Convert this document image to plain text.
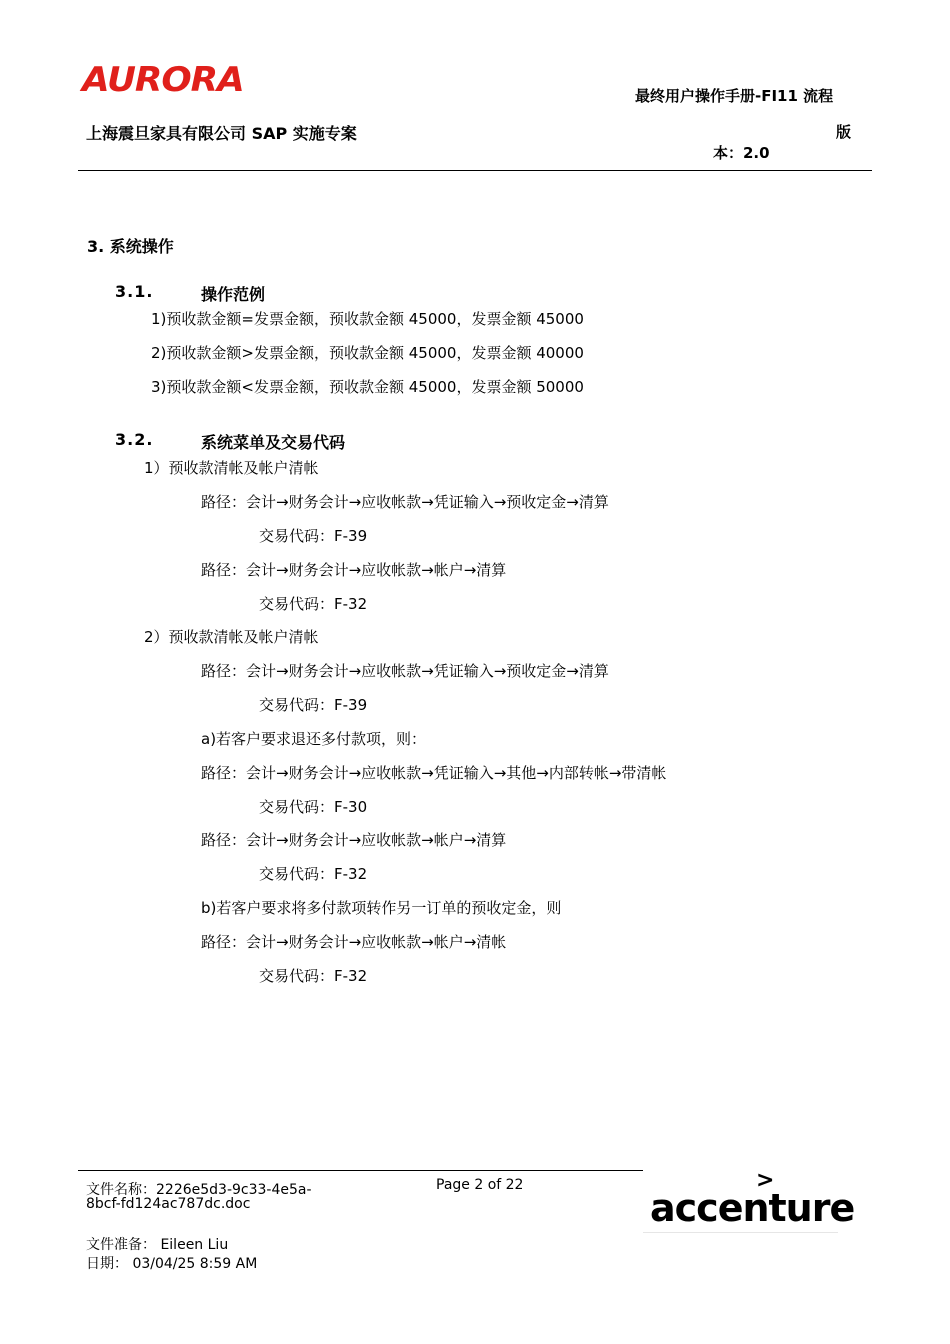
AURORA
上海震旦家具有限公司 SAP 实施专案
最终用户操作手册-FI11 流程
版
本：2.0
3. 系统操作
3.1.	操作范例
1)预收款金额=发票金额，预收款金额 45000，发票金额 45000
2)预收款金额>发票金额，预收款金额 45000，发票金额 40000
3)预收款金额<发票金额，预收款金额 45000，发票金额 50000
3.2.	系统菜单及交易代码
1）预收款清帐及帐户清帐
路径：会计→财务会计→应收帐款→凭证输入→预收定金→清算
交易代码：F-39
路径：会计→财务会计→应收帐款→帐户→清算
交易代码：F-32
2）预收款清帐及帐户清帐
路径：会计→财务会计→应收帐款→凭证输入→预收定金→清算
交易代码：F-39
a)若客户要求退还多付款项，则：
路径：会计→财务会计→应收帐款→凭证输入→其他→内部转帐→带清帐
交易代码：F-30
路径：会计→财务会计→应收帐款→帐户→清算
交易代码：F-32
b)若客户要求将多付款项转作另一订单的预收定金，则
路径：会计→财务会计→应收帐款→帐户→清帐
交易代码：F-32
文件名称：2226e5d3-9c33-4e5a-
8bcf-fd124ac787dc.doc
Page 2 of 22
文件准备： Eileen Liu
日期： 03/04/25 8:59 AM
>
accenture
